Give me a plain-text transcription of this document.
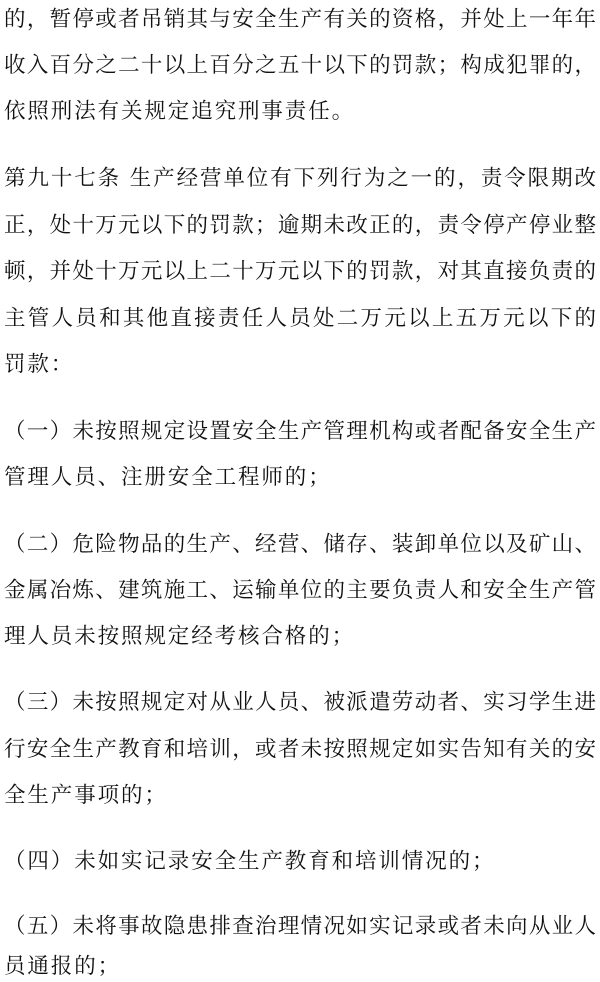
的，暂停或者吊销其与安全生产有关的资格，并处上一年年
收入百分之二十以上百分之五十以下的罚款；构成犯罪的，
依照刑法有关规定追究刑事责任。
第九十七条 生产经营单位有下列行为之一的，责令限期改
正，处十万元以下的罚款；逾期未改正的，责令停产停业整
顿，并处十万元以上二十万元以下的罚款，对其直接负责的
主管人员和其他直接责任人员处二万元以上五万元以下的
罚款：
（一）未按照规定设置安全生产管理机构或者配备安全生产
管理人员、注册安全工程师的；
（二）危险物品的生产、经营、储存、装卸单位以及矿山、
金属冶炼、建筑施工、运输单位的主要负责人和安全生产管
理人员未按照规定经考核合格的；
（三）未按照规定对从业人员、被派遣劳动者、实习学生进
行安全生产教育和培训，或者未按照规定如实告知有关的安
全生产事项的；
（四）未如实记录安全生产教育和培训情况的；
（五）未将事故隐患排查治理情况如实记录或者未向从业人
员通报的；
